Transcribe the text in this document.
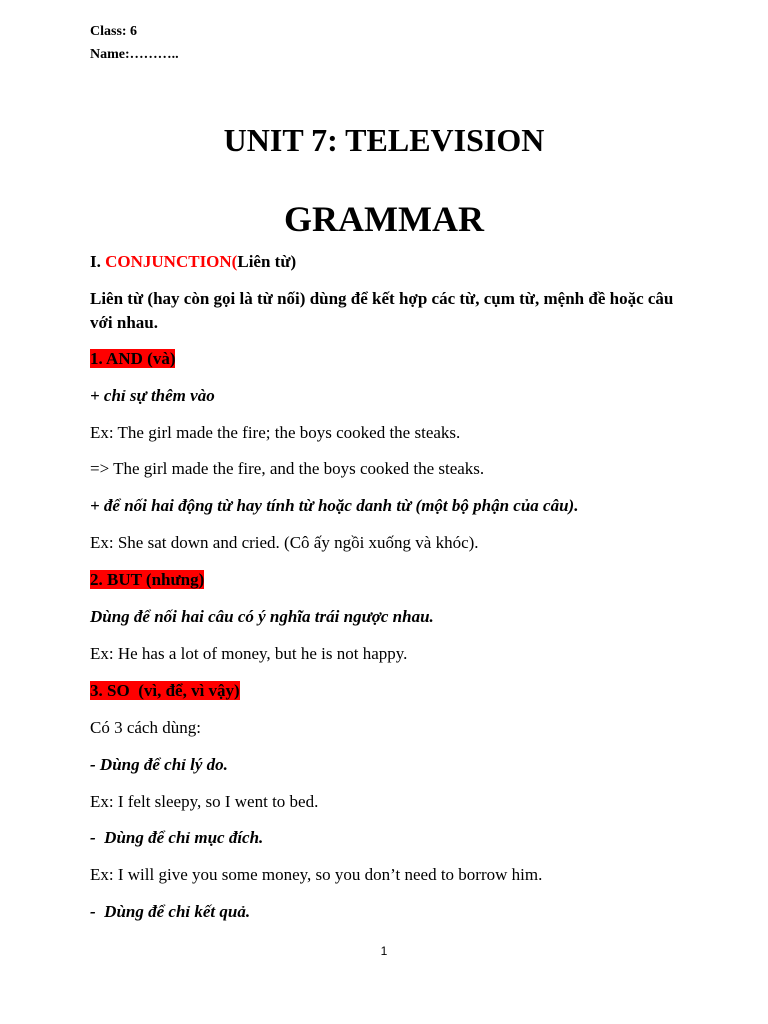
Class: 6
Name:………..
UNIT 7: TELEVISION
GRAMMAR
I. CONJUNCTION(Liên từ)
Liên từ (hay còn gọi là từ nối) dùng để kết hợp các từ, cụm từ, mệnh đề hoặc câu với nhau.
1. AND (và)
+ chỉ sự thêm vào
Ex: The girl made the fire; the boys cooked the steaks.
=> The girl made the fire, and the boys cooked the steaks.
+ để nối hai động từ hay tính từ hoặc danh từ (một bộ phận của câu).
Ex: She sat down and cried. (Cô ấy ngồi xuống và khóc).
2. BUT (nhưng)
Dùng để nối hai câu có ý nghĩa trái ngược nhau.
Ex: He has a lot of money, but he is not happy.
3. SO  (vì, để, vì vậy)
Có 3 cách dùng:
- Dùng để chỉ lý do.
Ex: I felt sleepy, so I went to bed.
-  Dùng để chỉ mục đích.
Ex: I will give you some money, so you don’t need to borrow him.
-  Dùng để chỉ kết quả.
1
